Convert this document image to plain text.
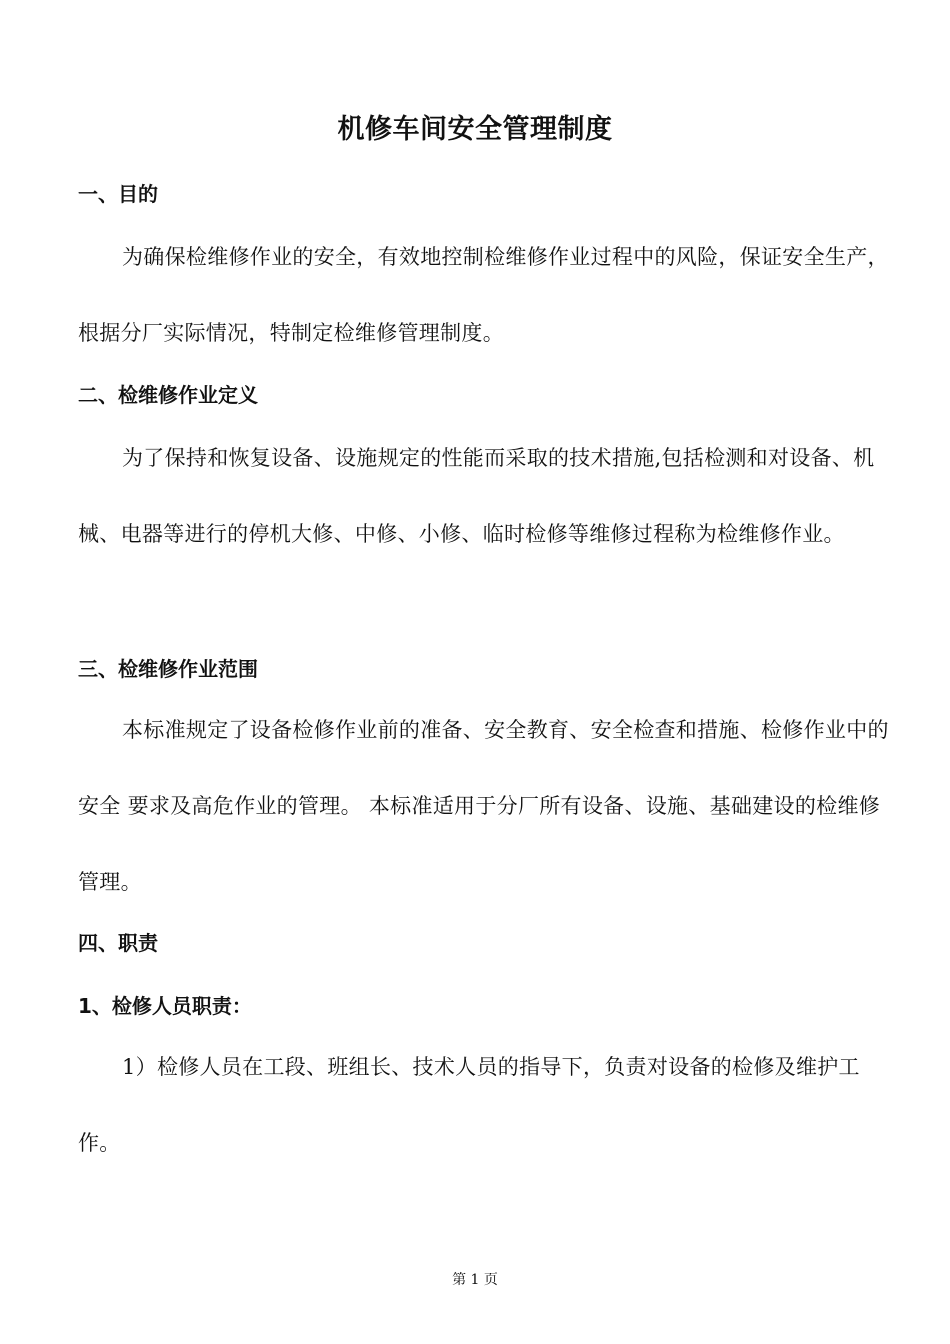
机修车间安全管理制度
一、目的
为确保检维修作业的安全，有效地控制检维修作业过程中的风险，保证安全生产，根据分厂实际情况，特制定检维修管理制度。
二、检维修作业定义
为了保持和恢复设备、设施规定的性能而采取的技术措施,包括检测和对设备、机械、电器等进行的停机大修、中修、小修、临时检修等维修过程称为检维修作业。
三、检维修作业范围
本标准规定了设备检修作业前的准备、安全教育、安全检查和措施、检修作业中的安全 要求及高危作业的管理。 本标准适用于分厂所有设备、设施、基础建设的检维修管理。
四、职责
1、检修人员职责：
1）检修人员在工段、班组长、技术人员的指导下，负责对设备的检修及维护工作。
第 1 页
